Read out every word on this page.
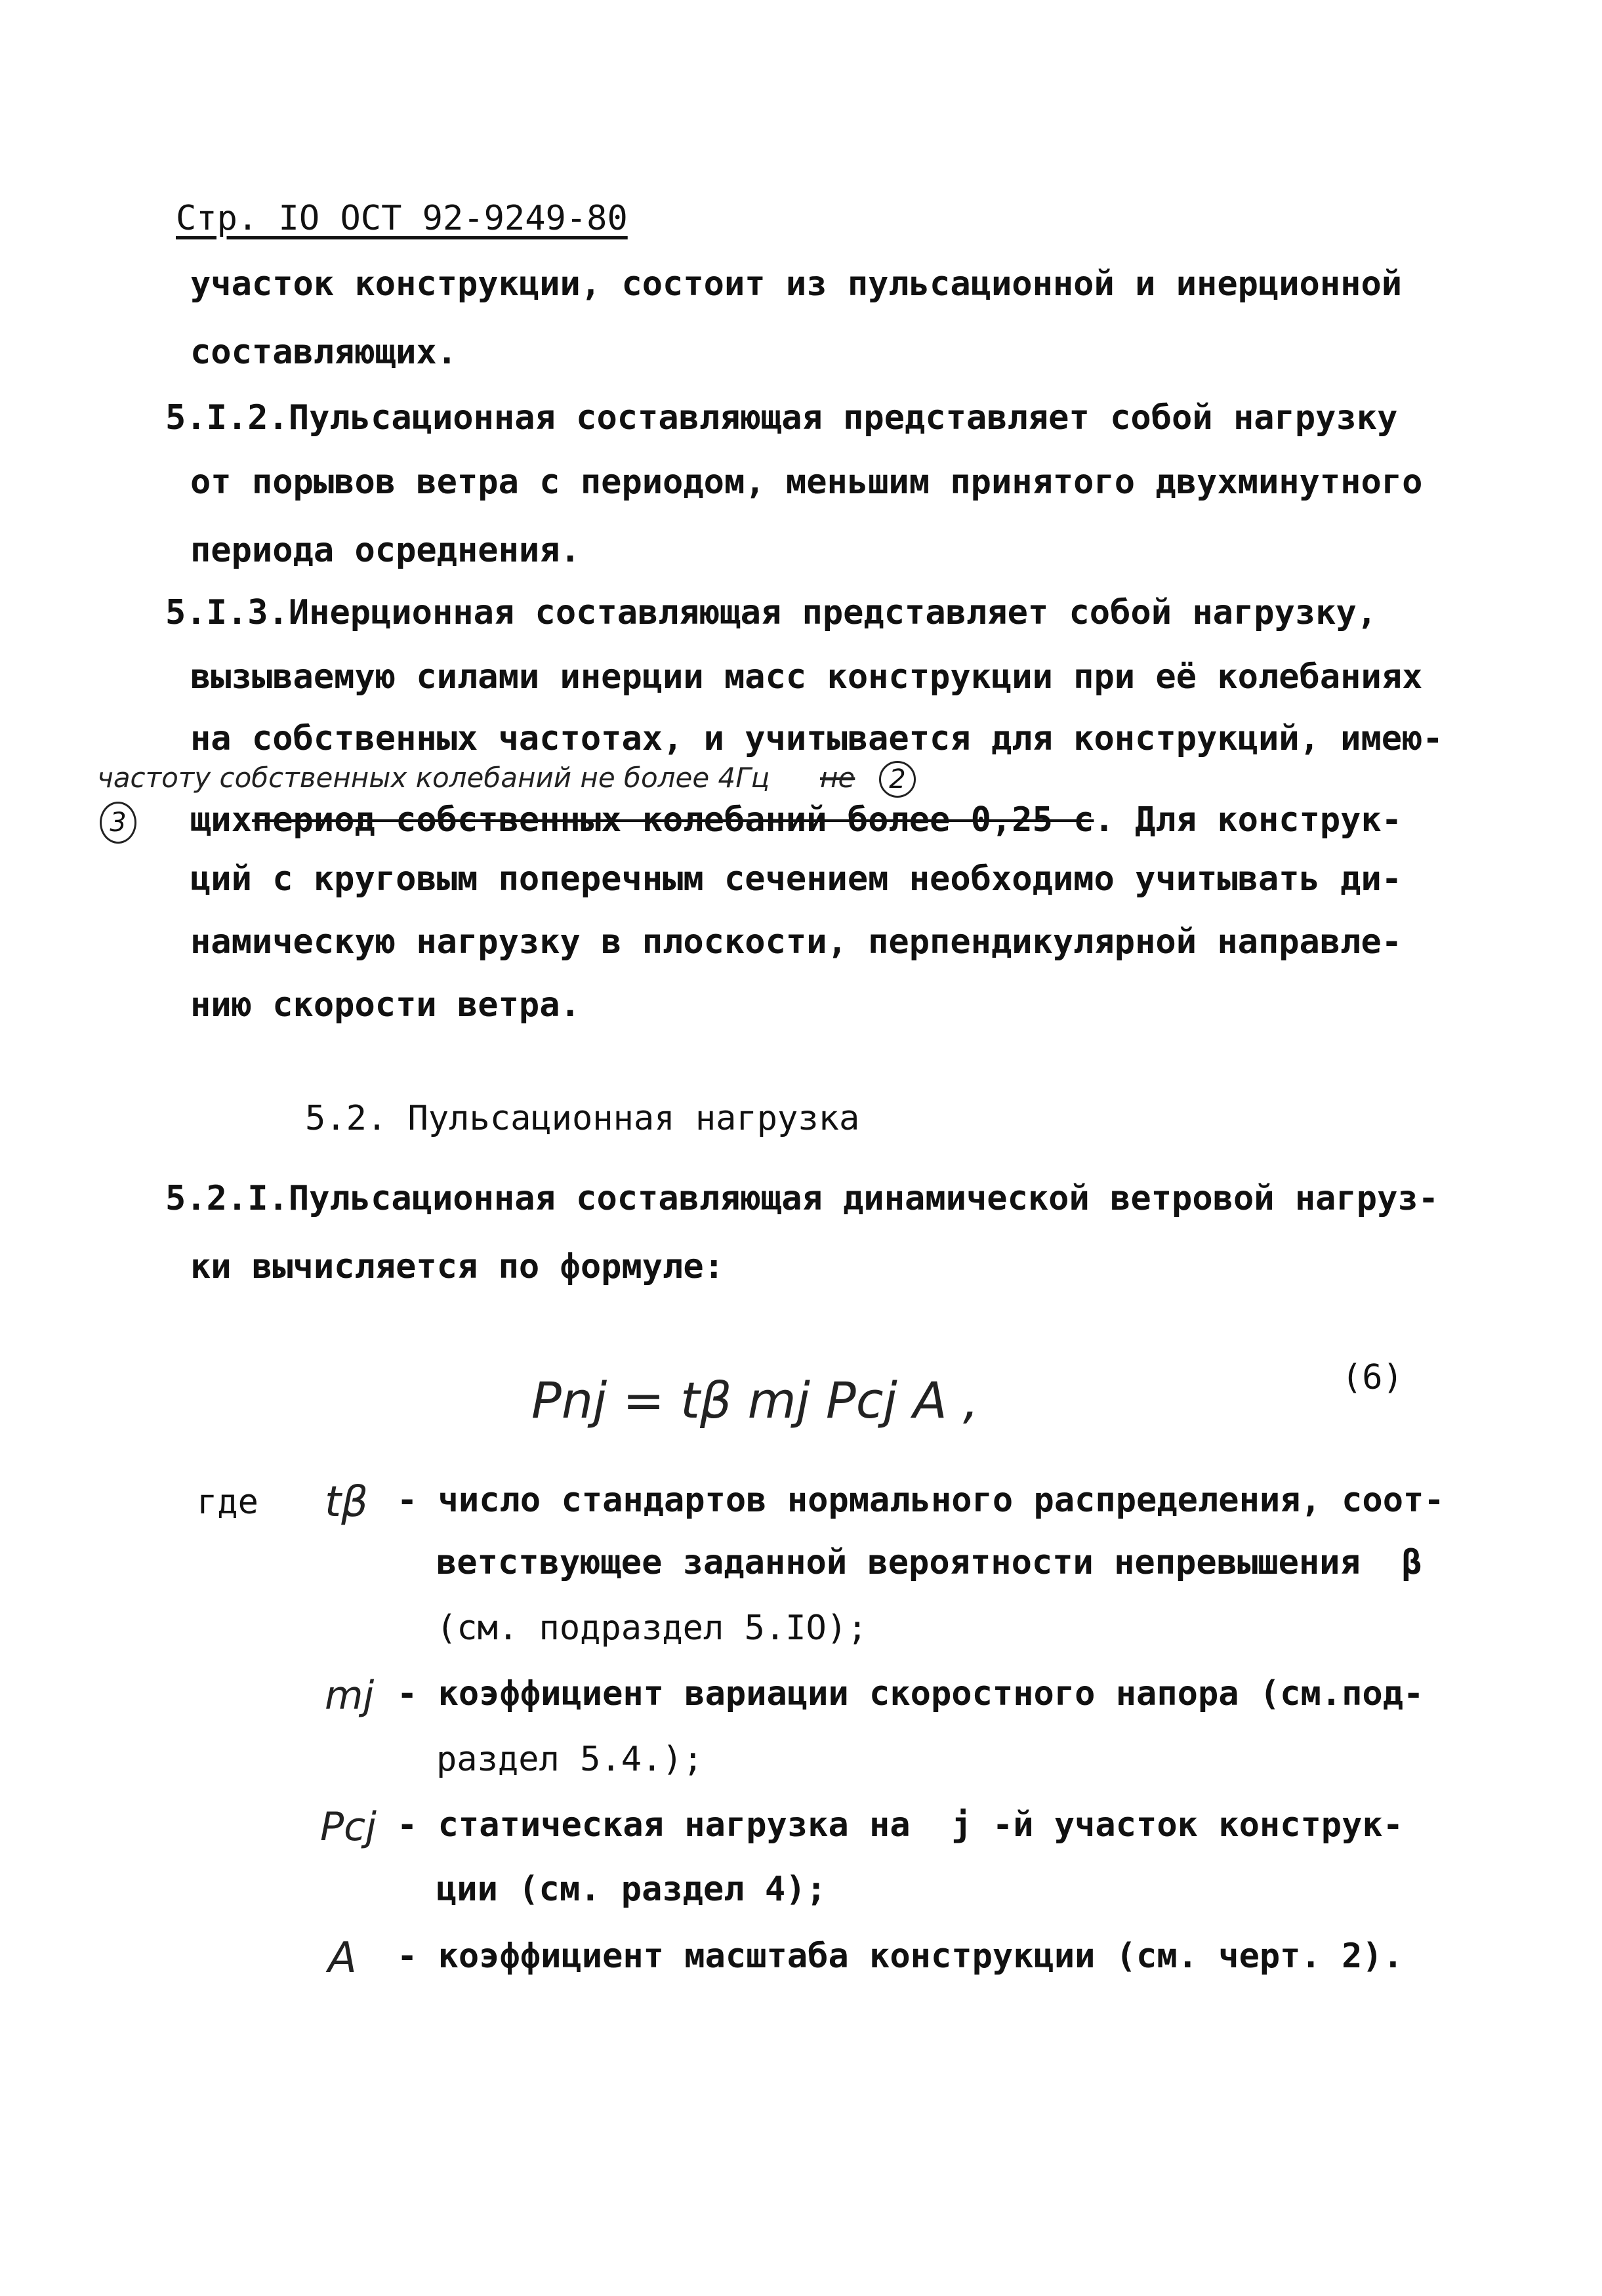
Стр. IO ОСТ 92-9249-80
участок конструкции, состоит из пульсационной и инерционной
составляющих.
5.I.2.Пульсационная составляющая представляет собой нагрузку
от порывов ветра с периодом, меньшим принятого двухминутного
периода осреднения.
5.I.3.Инерционная составляющая представляет собой нагрузку,
вызываемую силами инерции масс конструкции при её колебаниях
на собственных частотах, и учитывается для конструкций, имею-
частоту собственных колебаний не более 4Гц не	2
3 щихпериод собственных колебаний более 0,25 с. Для конструк-
ций с круговым поперечным сечением необходимо учитывать ди-
намическую нагрузку в плоскости, перпендикулярной направле-
нию скорости ветра.
5.2. Пульсационная нагрузка
5.2.I.Пульсационная составляющая динамической ветровой нагруз-
ки вычисляется по формуле:
Pnj = tβ mj Pcj A ,	(6)
где tβ - число стандартов нормального распределения, соот-
ветствующее заданной вероятности непревышения  β
(см. подраздел 5.IO);
mj - коэффициент вариации скоростного напора (см.под-
раздел 5.4.);
Pcj - статическая нагрузка на  j -й участок конструк-
ции (см. раздел 4);
A - коэффициент масштаба конструкции (см. черт. 2).
